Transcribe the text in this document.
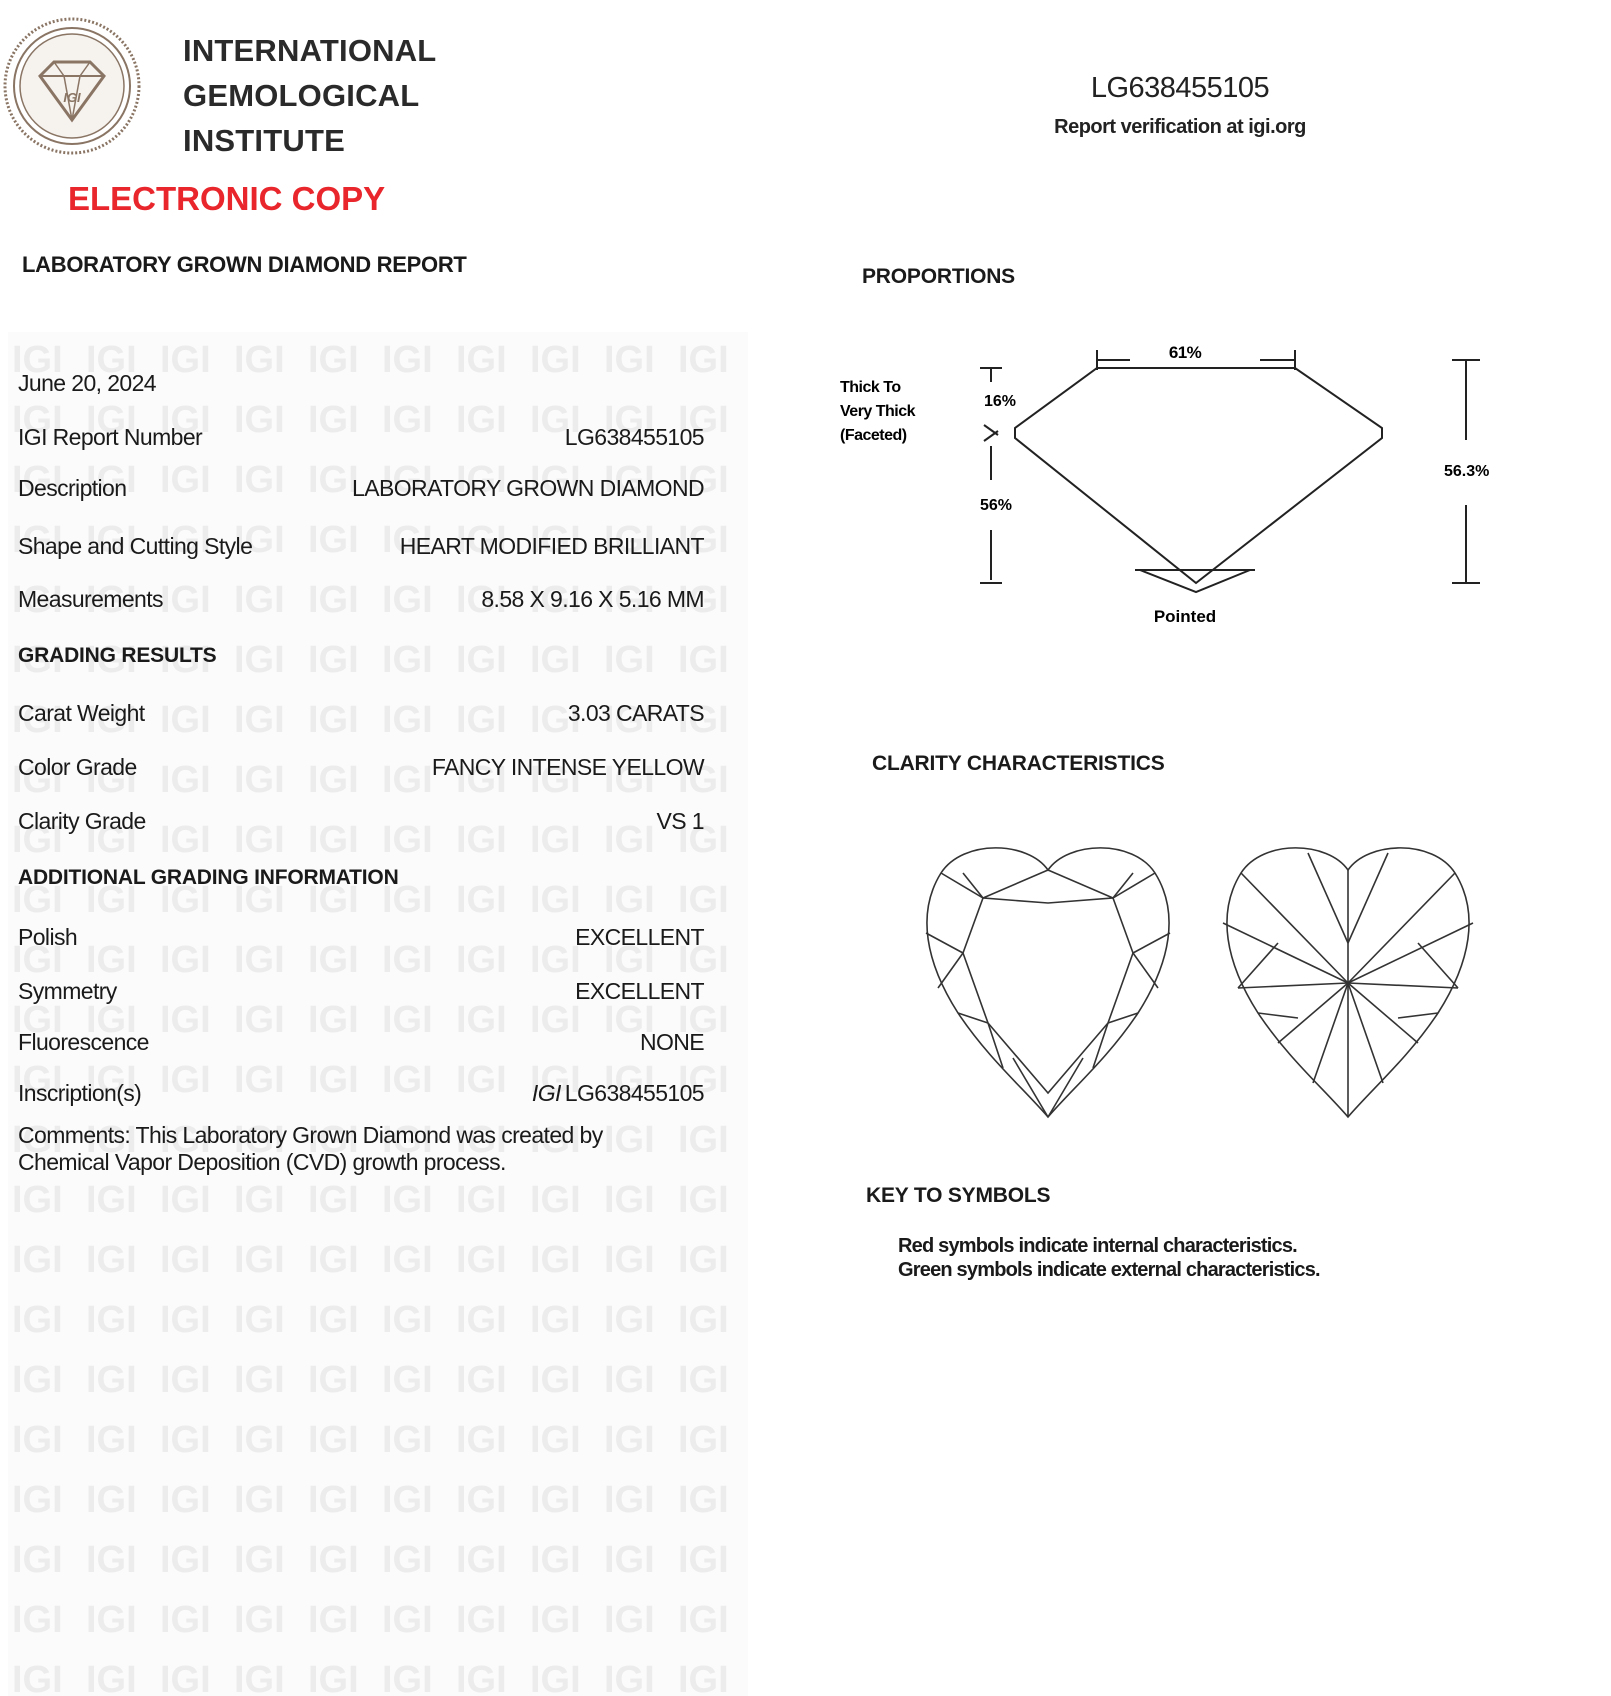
IGI
INTERNATIONAL
GEMOLOGICAL
INSTITUTE
ELECTRONIC COPY
LABORATORY GROWN DIAMOND REPORT
LG638455105
Report verification at igi.org
June 20, 2024
IGI Report Number	LG638455105
Description	LABORATORY GROWN DIAMOND
Shape and Cutting Style	HEART MODIFIED BRILLIANT
Measurements	8.58 X 9.16 X 5.16 MM
GRADING RESULTS
Carat Weight	3.03 CARATS
Color Grade	FANCY INTENSE YELLOW
Clarity Grade	VS 1
ADDITIONAL GRADING INFORMATION
Polish	EXCELLENT
Symmetry	EXCELLENT
Fluorescence	NONE
Inscription(s)	IGI LG638455105
Comments: This Laboratory Grown Diamond was created by Chemical Vapor Deposition (CVD) growth process.
PROPORTIONS
61%
16%
56%
56.3%
Thick To
Very Thick
(Faceted)
Pointed
CLARITY CHARACTERISTICS
KEY TO SYMBOLS
Red symbols indicate internal characteristics.
Green symbols indicate external characteristics.
